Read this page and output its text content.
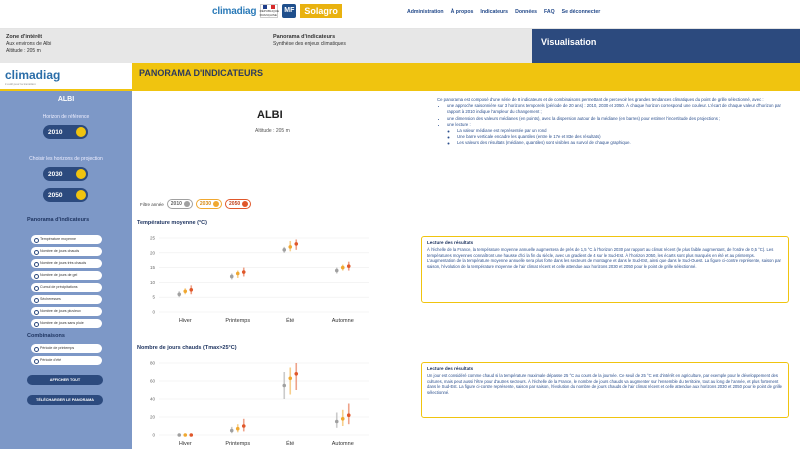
climadiag RÉPUBLIQUE FRANÇAISE
MF	Solagro	Administration À propos Indicateurs Données FAQ Se déconnecter
Zone d'intérêt
Aux environs de Albi
Altitude : 205 m
Panorama d'indicateurs
Synthèse des enjeux climatiques	Visualisation
climadiag
L'outil pour la transition
PANORAMA D'INDICATEURS
ALBI
Horizon de référence
2010
Choisir les horizons de projection
2030
2050
Panorama d'indicateurs
Température moyenne
Nombre de jours chauds
Nombre de jours très chauds
Nombre de jours de gel
Cumul de précipitations
Sécheresses
Nombre de jours pluvieux
Nombre de jours sans pluie
Combinaisons
Période de printemps
Période d'été
AFFICHER TOUT
TÉLÉCHARGER LE PANORAMA
ALBI
Altitude : 205 m

Ce panorama est composé d'une série de 8 indicateurs et de combinaisons permettant de percevoir les grandes tendances climatiques du point de grille sélectionné, avec :

• une approche saisonnière sur 3 horizons temporels (période de 20 ans) : 2010, 2030 et 2050. À chaque horizon correspond une couleur. L'écart de chaque valeur d'horizon par rapport à 2010 indique l'ampleur du changement ;
• une dimension des valeurs médianes (en points), avec la dispersion autour de la médiane (en barres) pour estimer l'incertitude des projections ;
• une lecture :
◦ La valeur médiane est représentée par un rond
◦ Une barre verticale encadre les quantiles (entre le 17e et 83e des résultats)
◦ Les valeurs des résultats (médiane, quantiles) sont visibles au survol de chaque graphique.
Filtre année 2010	2030	2050
Température moyenne (°C)
0
5
10
15
20
25
Hiver	Printemps	Été	Automne
Nombre de jours chauds (Tmax>25°C)
0
20
40
60
80
Hiver	Printemps	Été	Automne
Lecture des résultats
À l'échelle de la France, la température moyenne annuelle augmentera de près de 1,5 °C à l'horizon 2030 par rapport au climat récent (le plus faible augmentant, de l'ordre de 0,5 °C). Les températures moyennes connaîtront une hausse d'ici la fin du siècle, avec un gradient de 4 sur le Sud-Est. À l'horizon 2050, les écarts sont plus marqués en été et au printemps. L'augmentation de la température moyenne annuelle sera plus forte dans les secteurs de montagne et dans le Sud-Est, ainsi que dans le Sud-Ouest. La figure ci-contre représente, saison par saison, l'évolution de la température moyenne de l'air climat récent et celle attendue aux horizons 2030 et 2050 pour le point de grille sélectionné.
Lecture des résultats
Un jour est considéré comme chaud si la température maximale dépasse 25 °C au cours de la journée. Ce seuil de 25 °C est d'intérêt en agriculture, par exemple pour le développement des cultures, mais peut aussi l'être pour d'autres secteurs. À l'échelle de la France, le nombre de jours chauds va augmenter sur l'ensemble du territoire, tout au long de l'année, et plus fortement dans le Sud-Est. La figure ci-contre représente, saison par saison, l'évolution du nombre de jours chauds de l'air climat récent et celle attendue aux horizons 2030 et 2050 pour le point de grille sélectionné.
